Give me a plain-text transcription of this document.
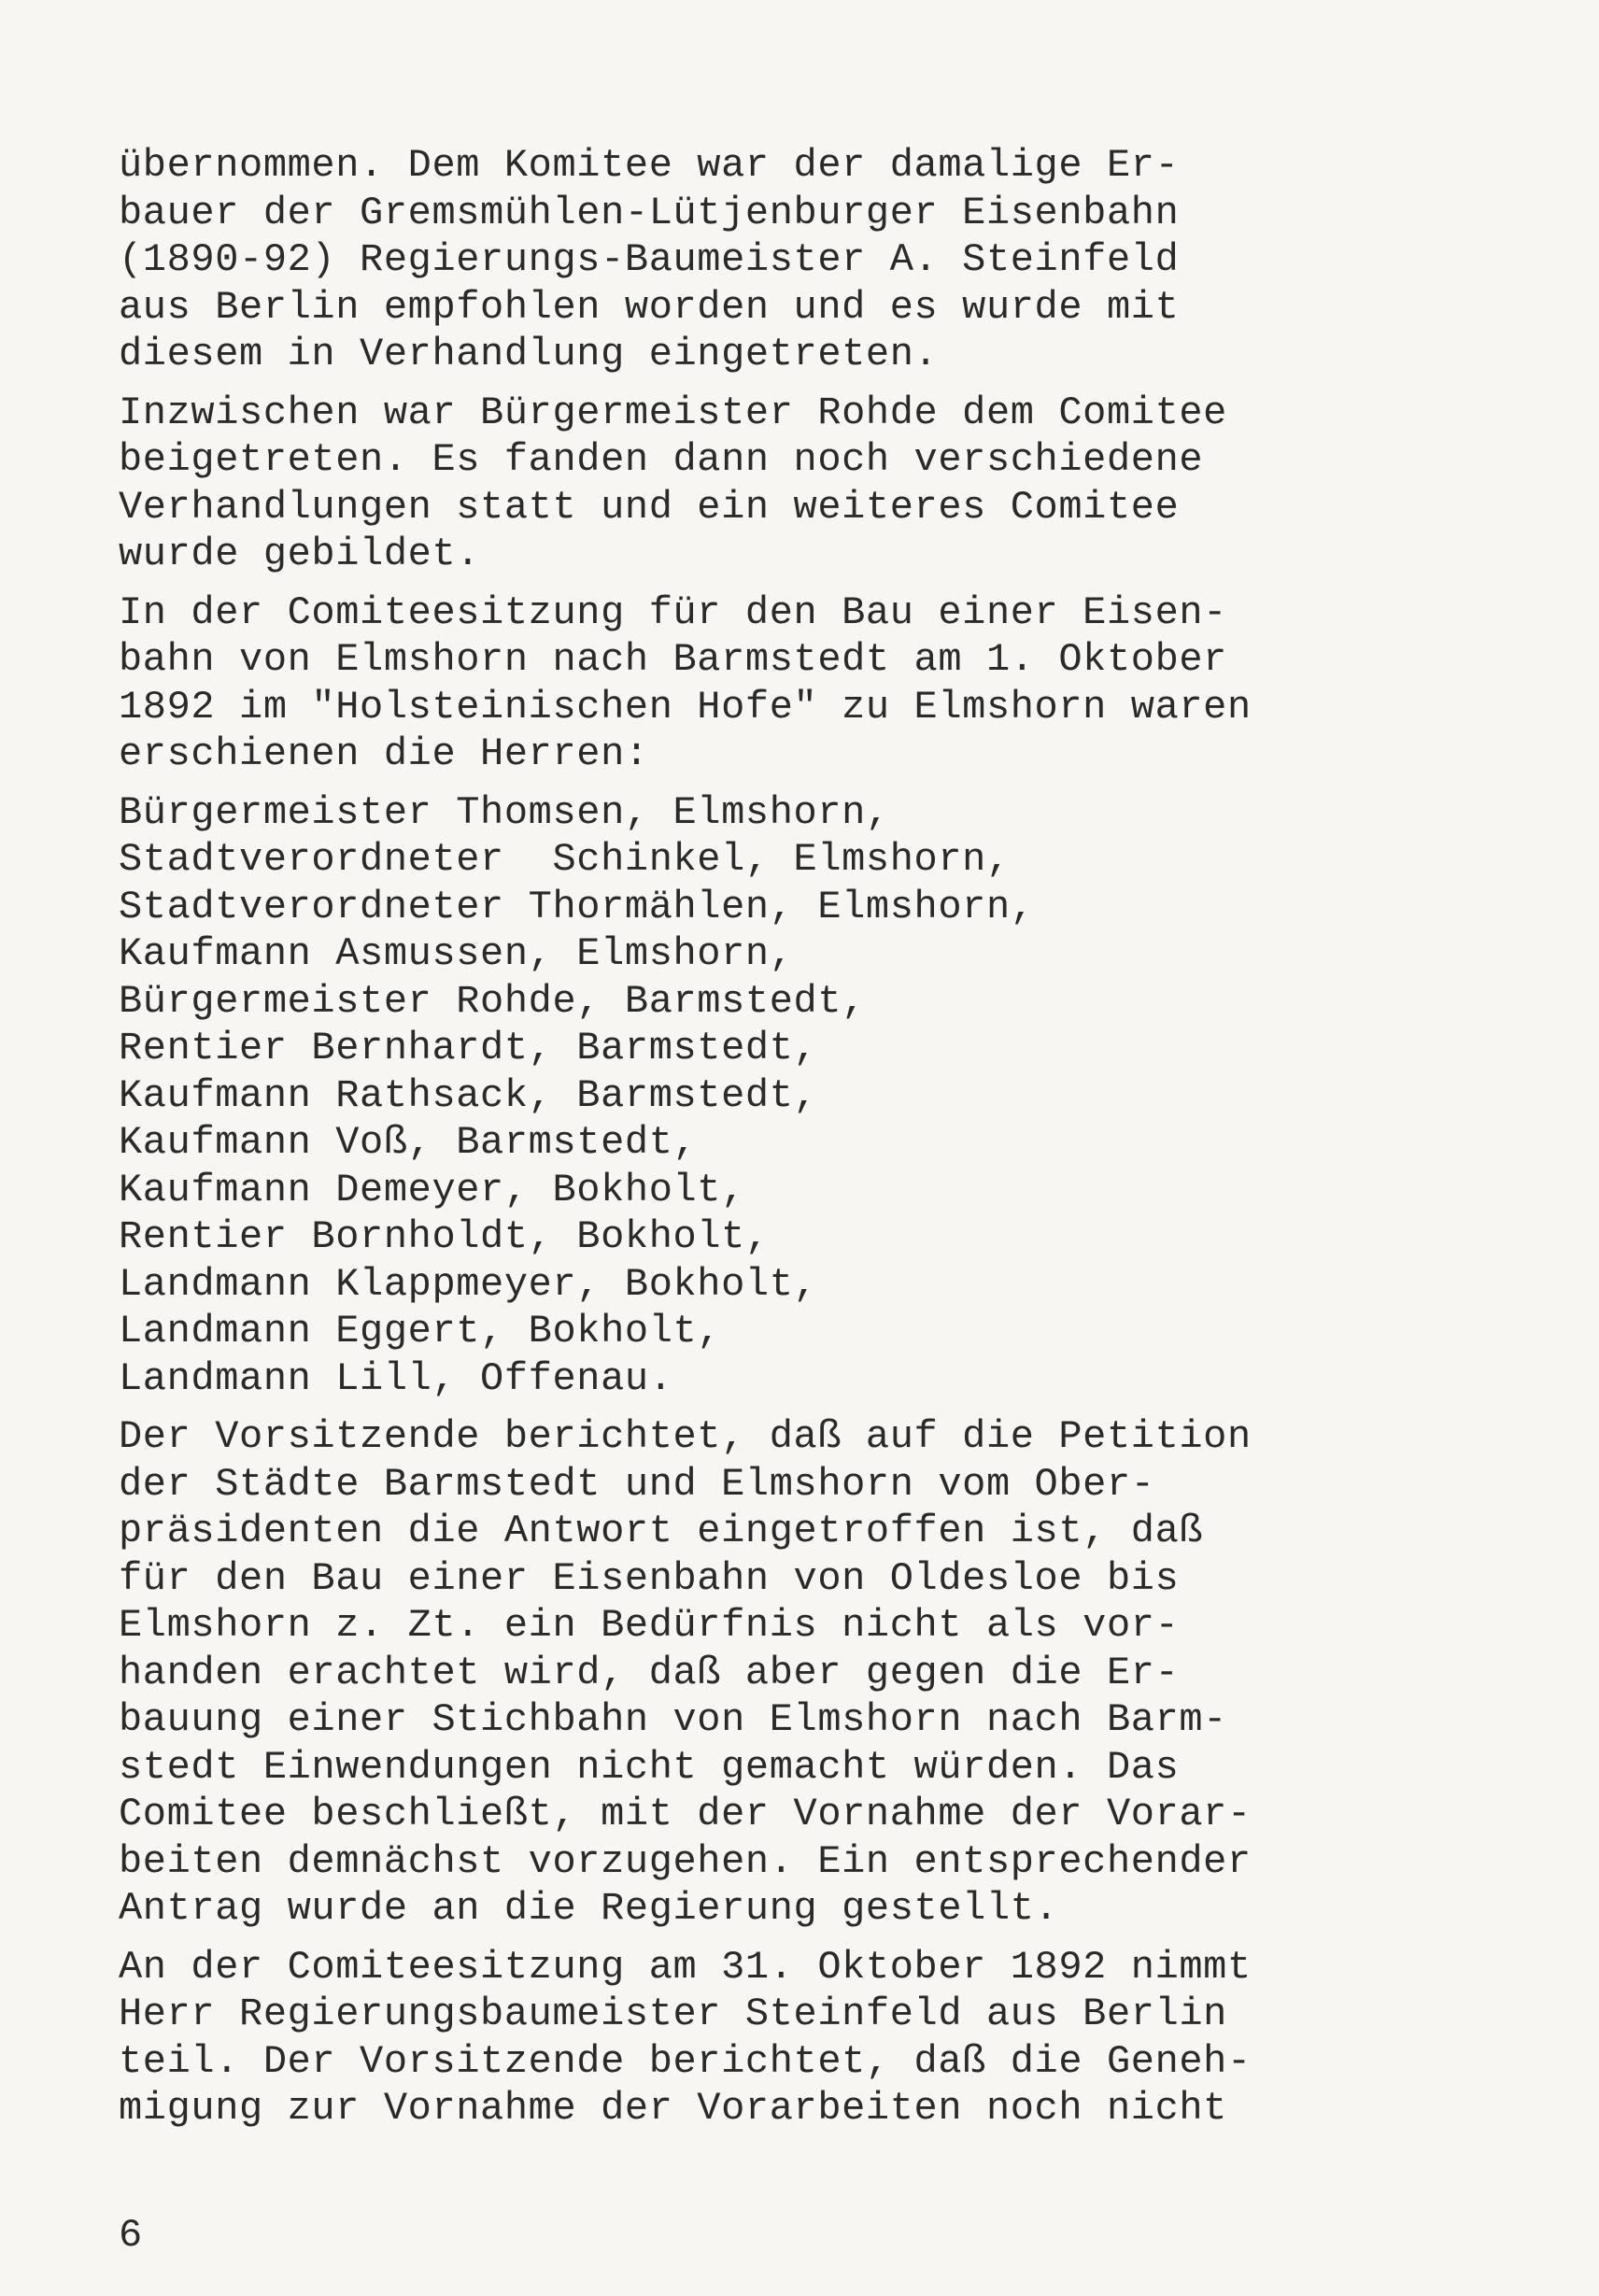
übernommen. Dem Komitee war der damalige Er-
bauer der Gremsmühlen-Lütjenburger Eisenbahn
(1890-92) Regierungs-Baumeister A. Steinfeld
aus Berlin empfohlen worden und es wurde mit
diesem in Verhandlung eingetreten.

Inzwischen war Bürgermeister Rohde dem Comitee
beigetreten. Es fanden dann noch verschiedene
Verhandlungen statt und ein weiteres Comitee
wurde gebildet.

In der Comiteesitzung für den Bau einer Eisen-
bahn von Elmshorn nach Barmstedt am 1. Oktober
1892 im "Holsteinischen Hofe" zu Elmshorn waren
erschienen die Herren:

Bürgermeister Thomsen, Elmshorn,
Stadtverordneter  Schinkel, Elmshorn,
Stadtverordneter Thormählen, Elmshorn,
Kaufmann Asmussen, Elmshorn,
Bürgermeister Rohde, Barmstedt,
Rentier Bernhardt, Barmstedt,
Kaufmann Rathsack, Barmstedt,
Kaufmann Voß, Barmstedt,
Kaufmann Demeyer, Bokholt,
Rentier Bornholdt, Bokholt,
Landmann Klappmeyer, Bokholt,
Landmann Eggert, Bokholt,
Landmann Lill, Offenau.

Der Vorsitzende berichtet, daß auf die Petition
der Städte Barmstedt und Elmshorn vom Ober-
präsidenten die Antwort eingetroffen ist, daß
für den Bau einer Eisenbahn von Oldesloe bis
Elmshorn z. Zt. ein Bedürfnis nicht als vor-
handen erachtet wird, daß aber gegen die Er-
bauung einer Stichbahn von Elmshorn nach Barm-
stedt Einwendungen nicht gemacht würden. Das
Comitee beschließt, mit der Vornahme der Vorar-
beiten demnächst vorzugehen. Ein entsprechender
Antrag wurde an die Regierung gestellt.

An der Comiteesitzung am 31. Oktober 1892 nimmt
Herr Regierungsbaumeister Steinfeld aus Berlin
teil. Der Vorsitzende berichtet, daß die Geneh-
migung zur Vornahme der Vorarbeiten noch nicht

6
